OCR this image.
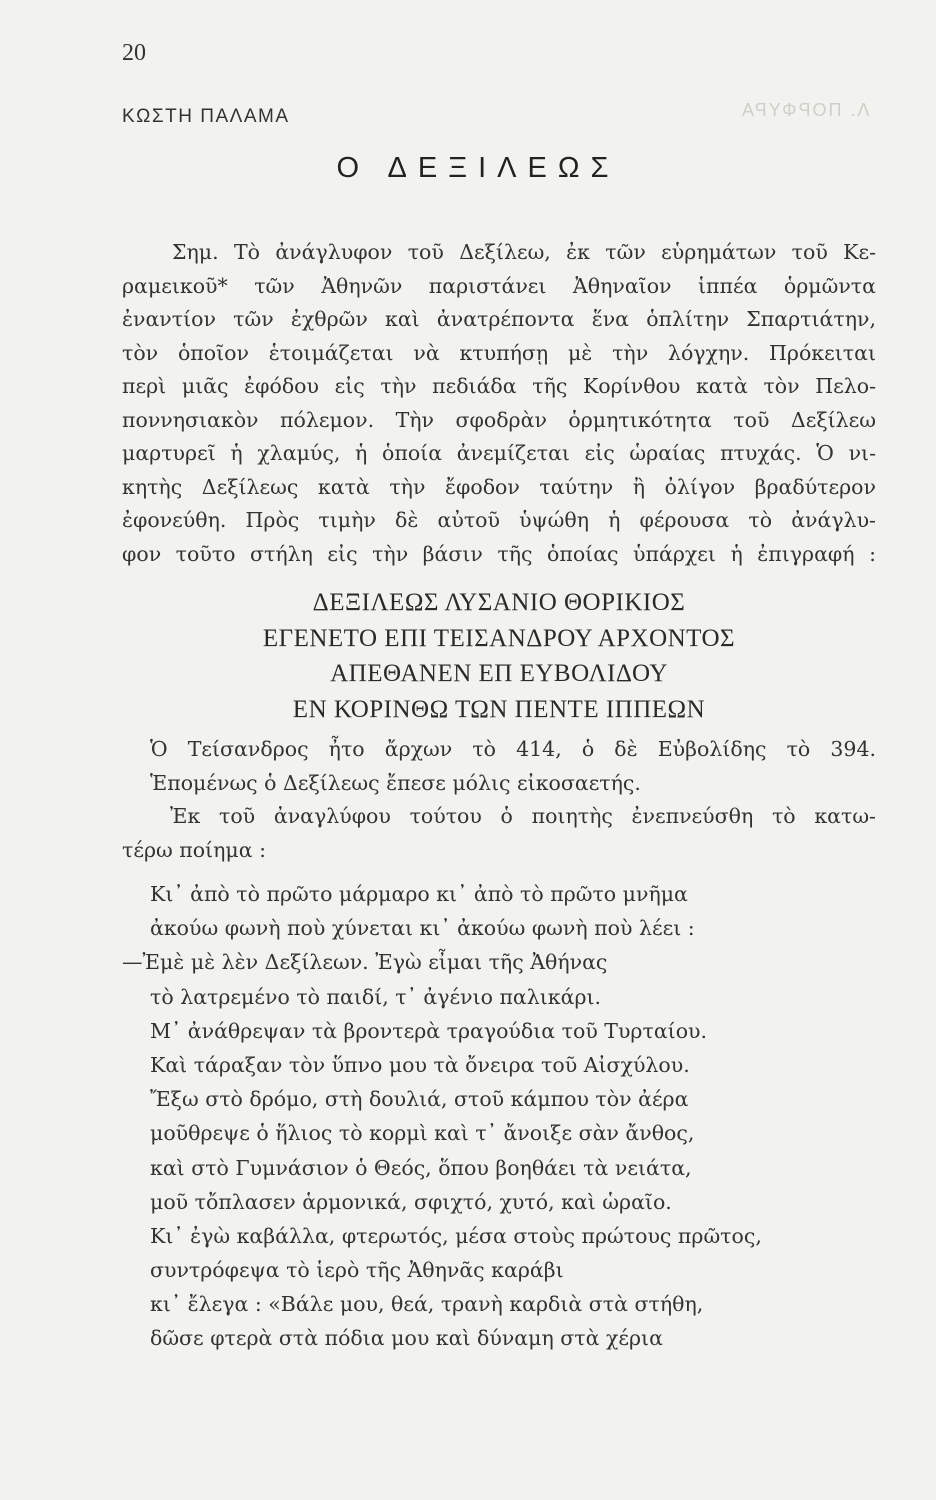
Λ. ΠΟΡΦΥΡΑ
20
ΚΩΣΤΗ ΠΑΛΑΜΑ
Ο ΔΕΞΙΛΕΩΣ
Σημ. Τὸ ἀνάγλυφον τοῦ Δεξίλεω, ἐκ τῶν εὑρημάτων τοῦ Κε-
ραμεικοῦ* τῶν Ἀθηνῶν παριστάνει Ἀθηναῖον ἱππέα ὁρμῶντα
ἐναντίον τῶν ἐχθρῶν καὶ ἀνατρέποντα ἕνα ὁπλίτην Σπαρτιάτην,
τὸν ὁποῖον ἑτοιμάζεται νὰ κτυπήσῃ μὲ τὴν λόγχην. Πρόκειται
περὶ μιᾶς ἐφόδου εἰς τὴν πεδιάδα τῆς Κορίνθου κατὰ τὸν Πελο-
ποννησιακὸν πόλεμον. Τὴν σφοδρὰν ὁρμητικότητα τοῦ Δεξίλεω
μαρτυρεῖ ἡ χλαμύς, ἡ ὁποία ἀνεμίζεται εἰς ὡραίας πτυχάς. Ὁ νι-
κητὴς Δεξίλεως κατὰ τὴν ἔφοδον ταύτην ἢ ὀλίγον βραδύτερον
ἐφονεύθη. Πρὸς τιμὴν δὲ αὐτοῦ ὑψώθη ἡ φέρουσα τὸ ἀνάγλυ-
φον τοῦτο στήλη εἰς τὴν βάσιν τῆς ὁποίας ὑπάρχει ἡ ἐπιγραφή :
ΔΕΞΙΛΕΩΣ ΛΥΣΑΝΙΟ ΘΟΡΙΚΙΟΣ
ΕΓΕΝΕΤΟ ΕΠΙ ΤΕΙΣΑΝΔΡΟΥ ΑΡΧΟΝΤΟΣ
ΑΠΕΘΑΝΕΝ ΕΠ ΕΥΒΟΛΙΔΟΥ
ΕΝ ΚΟΡΙΝΘΩ ΤΩΝ ΠΕΝΤΕ ΙΠΠΕΩΝ
Ὁ Τείσανδρος ἦτο ἄρχων τὸ 414, ὁ δὲ Εὐβολίδης τὸ 394.
Ἑπομένως ὁ Δεξίλεως ἔπεσε μόλις εἰκοσαετής.
Ἐκ τοῦ ἀναγλύφου τούτου ὁ ποιητὴς ἐνεπνεύσθη τὸ κατω-
τέρω ποίημα :
Κι᾿ ἀπὸ τὸ πρῶτο μάρμαρο κι᾿ ἀπὸ τὸ πρῶτο μνῆμα
ἀκούω φωνὴ ποὺ χύνεται κι᾿ ἀκούω φωνὴ ποὺ λέει :
—Ἐμὲ μὲ λὲν Δεξίλεων. Ἐγὼ εἶμαι τῆς Ἀθήνας
τὸ λατρεμένο τὸ παιδί, τ᾿ ἀγένιο παλικάρι.
Μ᾿ ἀνάθρεψαν τὰ βροντερὰ τραγούδια τοῦ Τυρταίου.
Καὶ τάραξαν τὸν ὕπνο μου τὰ ὄνειρα τοῦ Αἰσχύλου.
Ἔξω στὸ δρόμο, στὴ δουλιά, στοῦ κάμπου τὸν ἀέρα
μοῦθρεψε ὁ ἥλιος τὸ κορμὶ καὶ τ᾿ ἄνοιξε σὰν ἄνθος,
καὶ στὸ Γυμνάσιον ὁ Θεός, ὅπου βοηθάει τὰ νειάτα,
μοῦ τὄπλασεν ἁρμονικά, σφιχτό, χυτό, καὶ ὡραῖο.
Κι᾿ ἐγὼ καβάλλα, φτερωτός, μέσα στοὺς πρώτους πρῶτος,
συντρόφεψα τὸ ἱερὸ τῆς Ἀθηνᾶς καράβι
κι᾿ ἔλεγα : «Βάλε μου, θεά, τρανὴ καρδιὰ στὰ στήθη,
δῶσε φτερὰ στὰ πόδια μου καὶ δύναμη στὰ χέρια
